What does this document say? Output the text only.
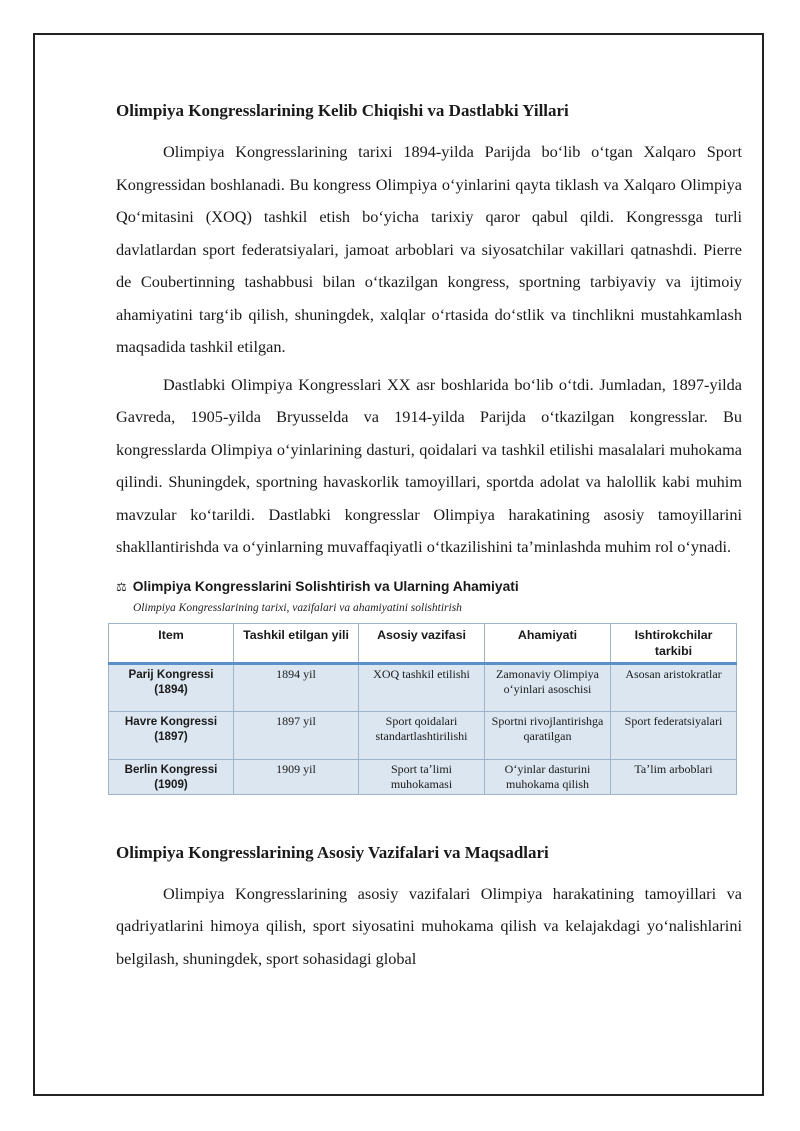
Olimpiya Kongresslarining Kelib Chiqishi va Dastlabki Yillari

Olimpiya Kongresslarining tarixi 1894-yilda Parijda boʻlib oʻtgan Xalqaro Sport Kongressidan boshlanadi. Bu kongress Olimpiya oʻyinlarini qayta tiklash va Xalqaro Olimpiya Qoʻmitasini (XOQ) tashkil etish boʻyicha tarixiy qaror qabul qildi. Kongressga turli davlatlardan sport federatsiyalari, jamoat arboblari va siyosatchilar vakillari qatnashdi. Pierre de Coubertinning tashabbusi bilan oʻtkazilgan kongress, sportning tarbiyaviy va ijtimoiy ahamiyatini targʻib qilish, shuningdek, xalqlar oʻrtasida doʻstlik va tinchlikni mustahkamlash maqsadida tashkil etilgan.

Dastlabki Olimpiya Kongresslari XX asr boshlarida boʻlib oʻtdi. Jumladan, 1897-yilda Gavreda, 1905-yilda Bryusselda va 1914-yilda Parijda oʻtkazilgan kongresslar. Bu kongresslarda Olimpiya oʻyinlarining dasturi, qoidalari va tashkil etilishi masalalari muhokama qilindi. Shuningdek, sportning havaskorlik tamoyillari, sportda adolat va halollik kabi muhim mavzular koʻtarildi. Dastlabki kongresslar Olimpiya harakatining asosiy tamoyillarini shakllantirishda va oʻyinlarning muvaffaqiyatli oʻtkazilishini taʼminlashda muhim rol oʻynadi.

⚖ Olimpiya Kongresslarini Solishtirish va Ularning Ahamiyati
Olimpiya Kongresslarining tarixi, vazifalari va ahamiyatini solishtirish
Item	Tashkil etilgan yili	Asosiy vazifasi	Ahamiyati	Ishtirokchilar tarkibi
Parij Kongressi (1894)	1894 yil	XOQ tashkil etilishi	Zamonaviy Olimpiya oʻyinlari asoschisi	Asosan aristokratlar
Havre Kongressi (1897)	1897 yil	Sport qoidalari standartlashtirilishi	Sportni rivojlantirishga qaratilgan	Sport federatsiyalari
Berlin Kongressi (1909)	1909 yil	Sport taʼlimi muhokamasi	Oʻyinlar dasturini muhokama qilish	Taʼlim arboblari
Olimpiya Kongresslarining Asosiy Vazifalari va Maqsadlari

Olimpiya Kongresslarining asosiy vazifalari Olimpiya harakatining tamoyillari va qadriyatlarini himoya qilish, sport siyosatini muhokama qilish va kelajakdagi yoʻnalishlarini belgilash, shuningdek, sport sohasidagi global
